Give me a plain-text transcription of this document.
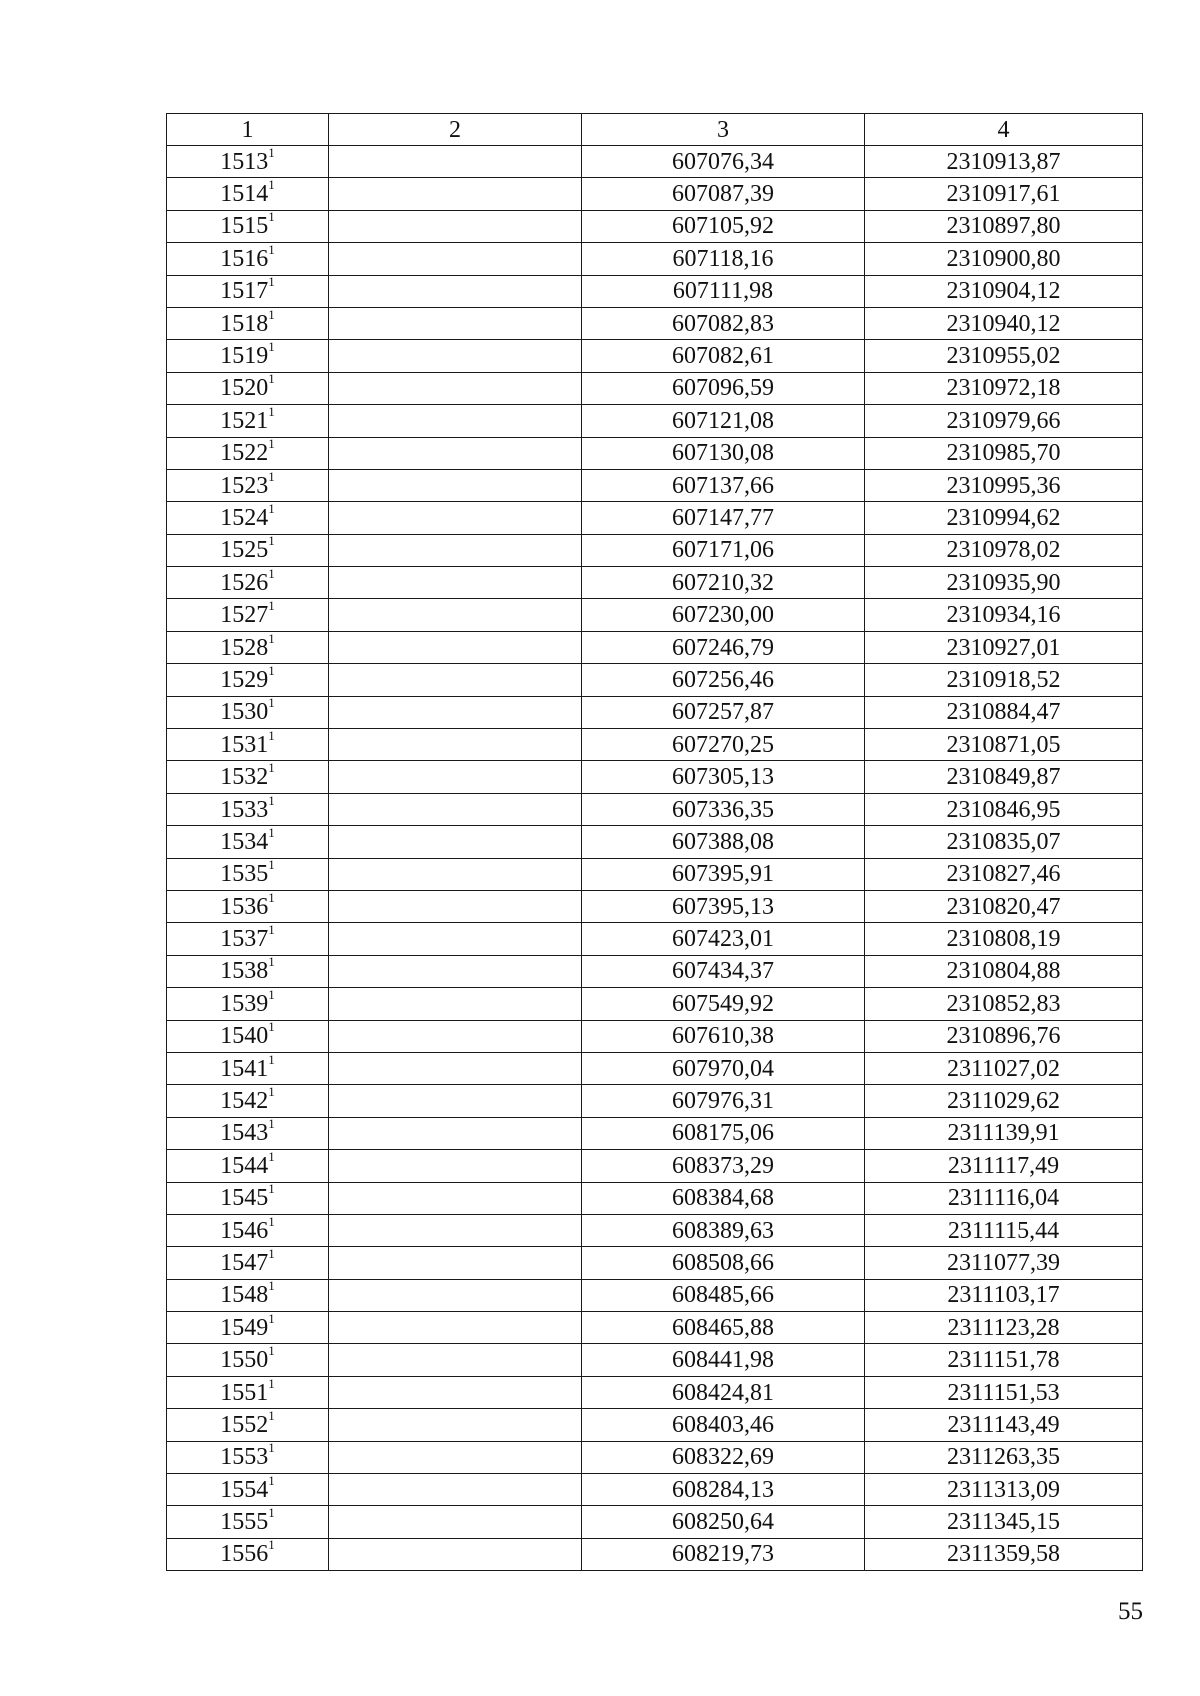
1	2	3	4
1513$^1$		607076,34	2310913,87
1514$^1$		607087,39	2310917,61
1515$^1$		607105,92	2310897,80
1516$^1$		607118,16	2310900,80
1517$^1$		607111,98	2310904,12
1518$^1$		607082,83	2310940,12
1519$^1$		607082,61	2310955,02
1520$^1$		607096,59	2310972,18
1521$^1$		607121,08	2310979,66
1522$^1$		607130,08	2310985,70
1523$^1$		607137,66	2310995,36
1524$^1$		607147,77	2310994,62
1525$^1$		607171,06	2310978,02
1526$^1$		607210,32	2310935,90
1527$^1$		607230,00	2310934,16
1528$^1$		607246,79	2310927,01
1529$^1$		607256,46	2310918,52
1530$^1$		607257,87	2310884,47
1531$^1$		607270,25	2310871,05
1532$^1$		607305,13	2310849,87
1533$^1$		607336,35	2310846,95
1534$^1$		607388,08	2310835,07
1535$^1$		607395,91	2310827,46
1536$^1$		607395,13	2310820,47
1537$^1$		607423,01	2310808,19
1538$^1$		607434,37	2310804,88
1539$^1$		607549,92	2310852,83
1540$^1$		607610,38	2310896,76
1541$^1$		607970,04	2311027,02
1542$^1$		607976,31	2311029,62
1543$^1$		608175,06	2311139,91
1544$^1$		608373,29	2311117,49
1545$^1$		608384,68	2311116,04
1546$^1$		608389,63	2311115,44
1547$^1$		608508,66	2311077,39
1548$^1$		608485,66	2311103,17
1549$^1$		608465,88	2311123,28
1550$^1$		608441,98	2311151,78
1551$^1$		608424,81	2311151,53
1552$^1$		608403,46	2311143,49
1553$^1$		608322,69	2311263,35
1554$^1$		608284,13	2311313,09
1555$^1$		608250,64	2311345,15
1556$^1$		608219,73	2311359,58
55
